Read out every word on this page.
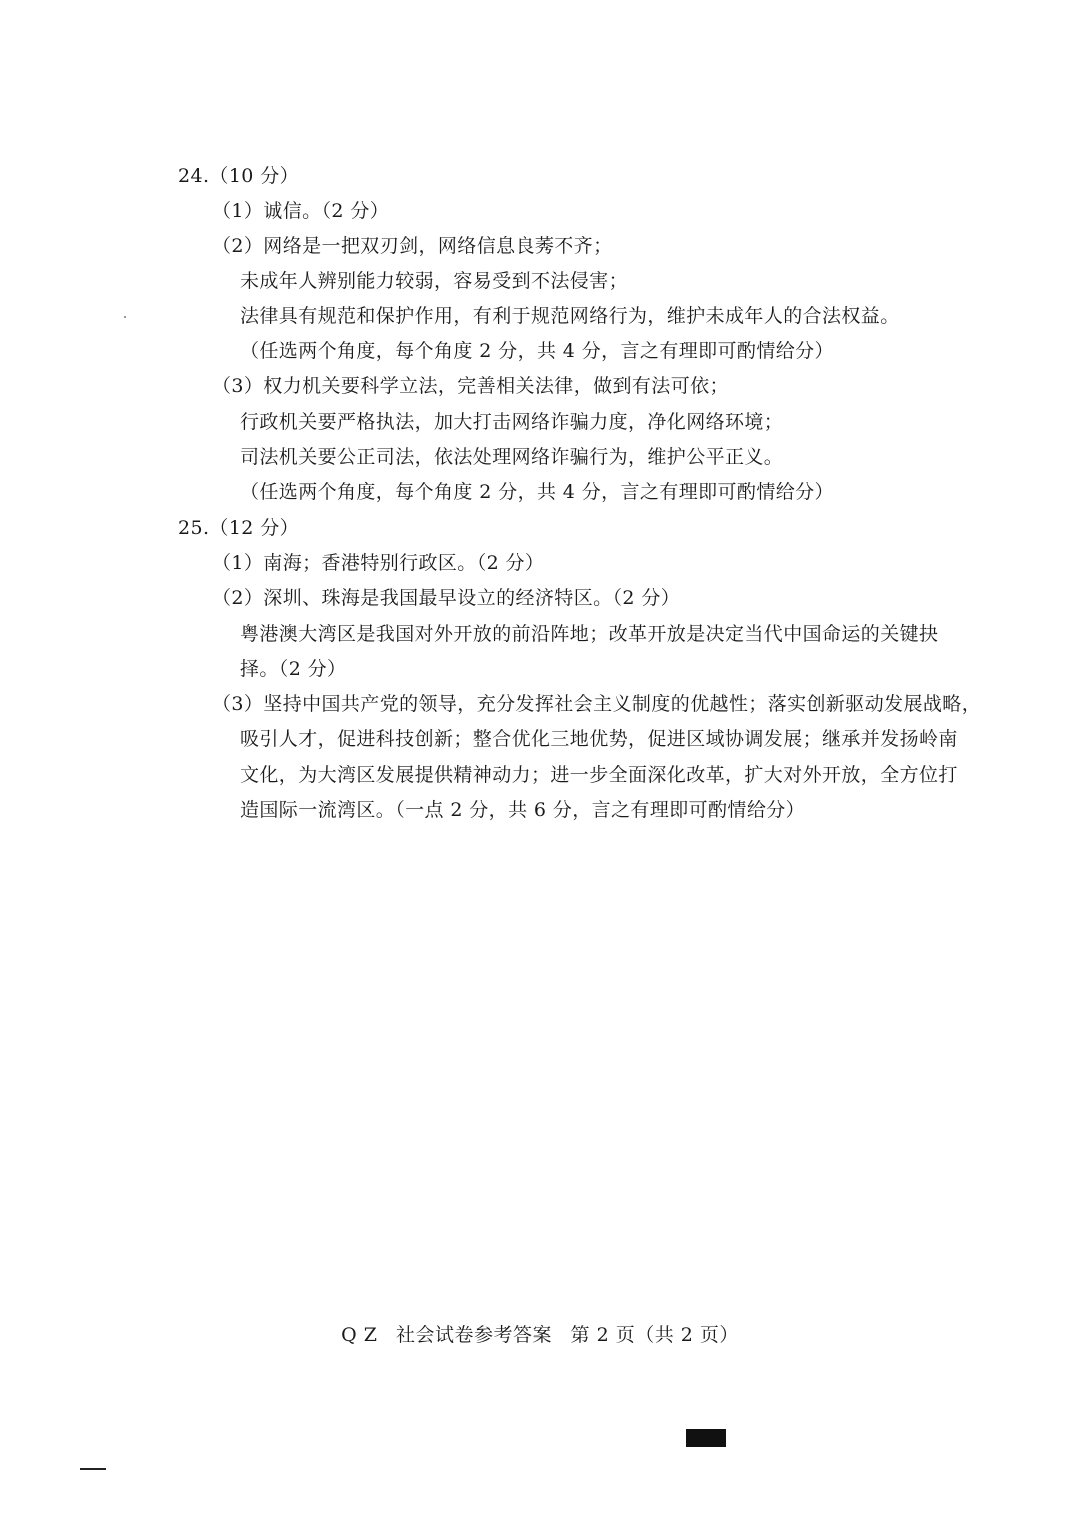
24.（10 分）
（1）诚信。（2 分）
（2）网络是一把双刃剑，网络信息良莠不齐；
未成年人辨别能力较弱，容易受到不法侵害；
法律具有规范和保护作用，有利于规范网络行为，维护未成年人的合法权益。
（任选两个角度，每个角度 2 分，共 4 分，言之有理即可酌情给分）
（3）权力机关要科学立法，完善相关法律，做到有法可依；
行政机关要严格执法，加大打击网络诈骗力度，净化网络环境；
司法机关要公正司法，依法处理网络诈骗行为，维护公平正义。
（任选两个角度，每个角度 2 分，共 4 分，言之有理即可酌情给分）
25.（12 分）
（1）南海；香港特别行政区。（2 分）
（2）深圳、珠海是我国最早设立的经济特区。（2 分）
粤港澳大湾区是我国对外开放的前沿阵地；改革开放是决定当代中国命运的关键抉
择。（2 分）
（3）坚持中国共产党的领导，充分发挥社会主义制度的优越性；落实创新驱动发展战略，
吸引人才，促进科技创新；整合优化三地优势，促进区域协调发展；继承并发扬岭南
文化，为大湾区发展提供精神动力；进一步全面深化改革，扩大对外开放，全方位打
造国际一流湾区。（一点 2 分，共 6 分，言之有理即可酌情给分）
Q Z 社会试卷参考答案 第 2 页（共 2 页）
